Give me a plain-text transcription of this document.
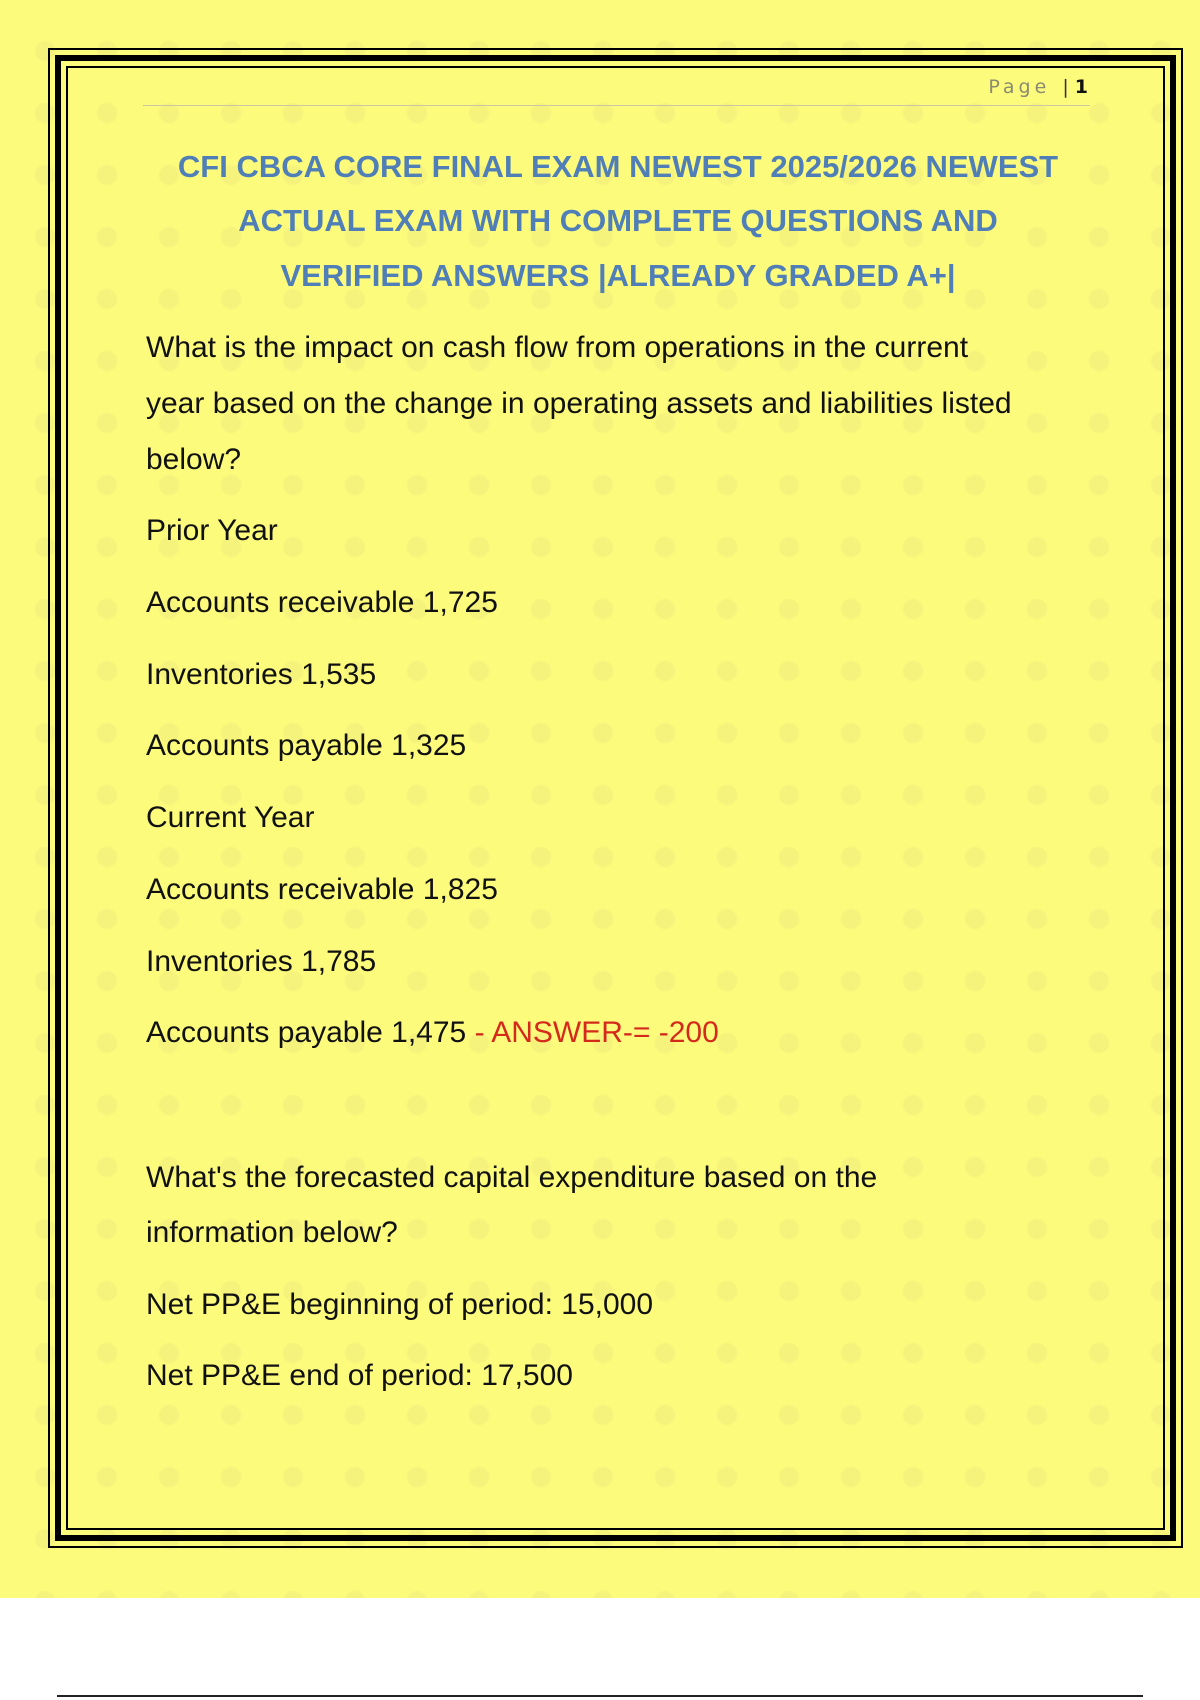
Page | 1
CFI CBCA CORE FINAL EXAM NEWEST 2025/2026 NEWEST
ACTUAL EXAM WITH COMPLETE QUESTIONS AND
VERIFIED ANSWERS |ALREADY GRADED A+|
What is the impact on cash flow from operations in the current
year based on the change in operating assets and liabilities listed
below?
Prior Year
Accounts receivable 1,725
Inventories 1,535
Accounts payable 1,325
Current Year
Accounts receivable 1,825
Inventories 1,785
Accounts payable 1,475 - ANSWER-= -200
What's the forecasted capital expenditure based on the
information below?
Net PP&E beginning of period: 15,000
Net PP&E end of period: 17,500
